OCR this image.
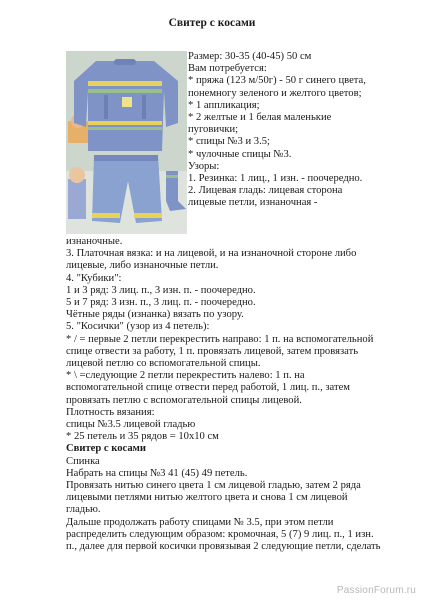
Свитер с косами
Размер: 30-35 (40-45) 50 см
Вам потребуется:
* пряжа (123 м/50г) - 50 г синего цвета,
понемногу зеленого и желтого цветов;
* 1 аппликация;
* 2 желтые и 1 белая маленькие
пуговички;
* спицы №3 и 3.5;
* чулочные спицы №3.
Узоры:
1. Резинка: 1 лиц., 1 изн. - поочередно.
2. Лицевая гладь: лицевая сторона
лицевые петли, изнаночная -
изнаночные.
3. Платочная вязка: и на лицевой, и на изнаночной стороне либо
лицевые, либо изнаночные петли.
4. "Кубики":
1 и 3 ряд: 3 лиц. п., 3 изн. п. - поочередно.
5 и 7 ряд: 3 изн. п., 3 лиц. п. - поочередно.
Чётные ряды (изнанка) вязать по узору.
5. "Косички" (узор из 4 петель):
* / = первые 2 петли перекрестить направо: 1 п. на вспомогательной
спице отвести за работу, 1 п. провязать лицевой, затем провязать
лицевой петлю со вспомогательной спицы.
* \ =следующие 2 петли перекрестить налево: 1 п. на
вспомогательной спице отвести перед работой, 1 лиц. п., затем
провязать петлю с вспомогательной спицы лицевой.
Плотность вязания:
спицы №3.5 лицевой гладью
* 25 петель и 35 рядов = 10x10 см
Свитер с косами
Спинка
Набрать на спицы №3 41 (45) 49 петель.
Провязать нитью синего цвета 1 см лицевой гладью, затем 2 ряда
лицевыми петлями нитью желтого цвета и снова 1 см лицевой
гладью.
Дальше продолжать работу спицами № 3.5, при этом петли
распределить следующим образом: кромочная, 5 (7) 9 лиц. п., 1 изн.
п., далее для первой косички провязывая 2 следующие петли, сделать
PassionForum.ru
